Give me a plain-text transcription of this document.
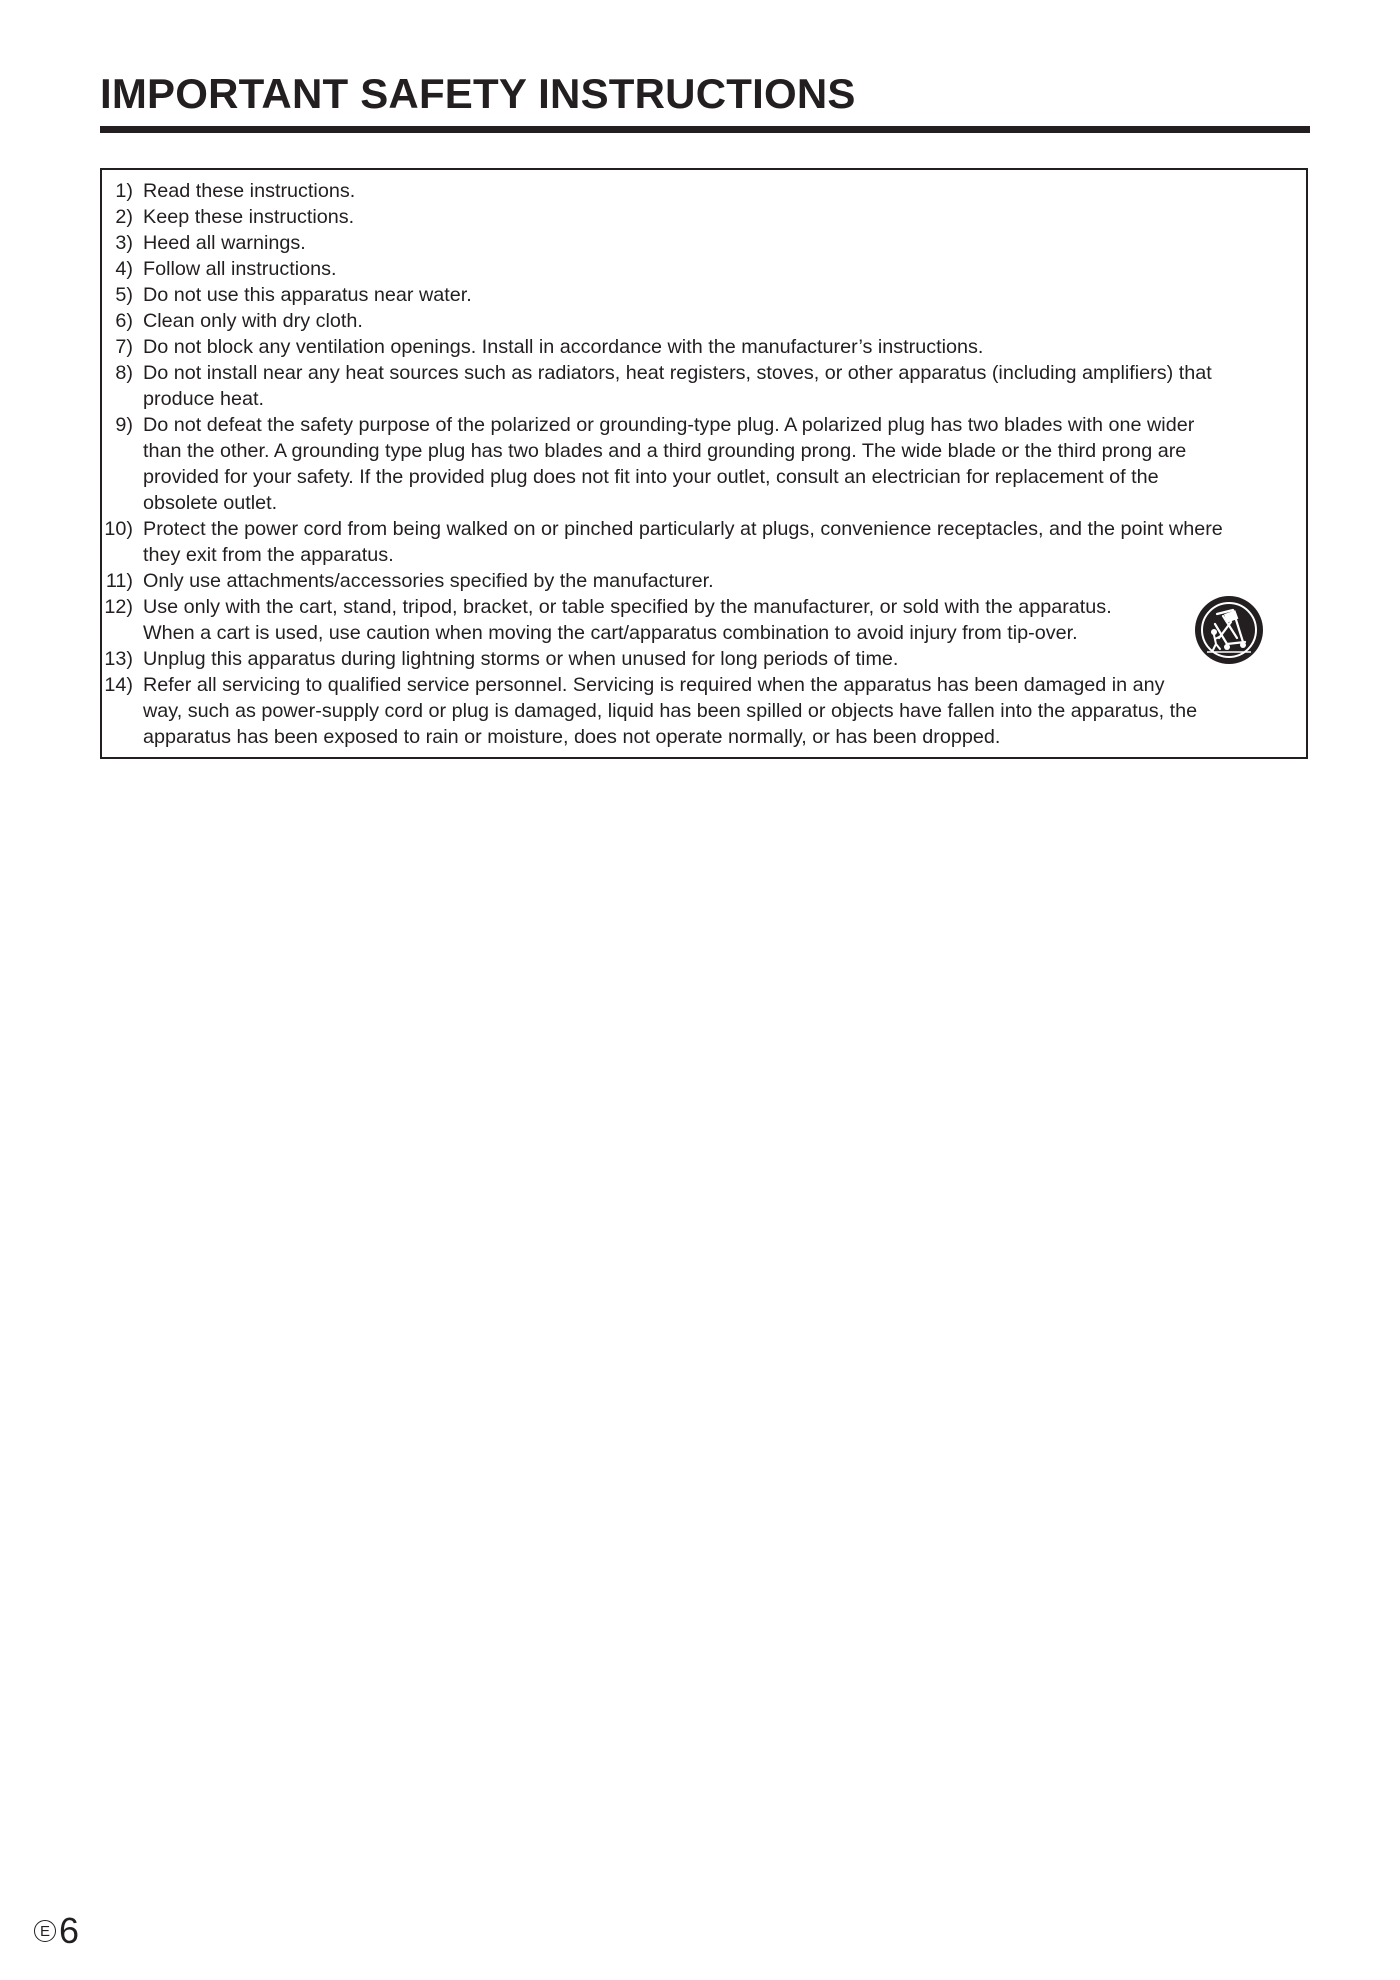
IMPORTANT SAFETY INSTRUCTIONS
1) Read these instructions.
2) Keep these instructions.
3) Heed all warnings.
4) Follow all instructions.
5) Do not use this apparatus near water.
6) Clean only with dry cloth.
7) Do not block any ventilation openings. Install in accordance with the manufacturer’s instructions.
8) Do not install near any heat sources such as radiators, heat registers, stoves, or other apparatus (including amplifiers) that
produce heat.
9) Do not defeat the safety purpose of the polarized or grounding-type plug. A polarized plug has two blades with one wider
than the other. A grounding type plug has two blades and a third grounding prong. The wide blade or the third prong are
provided for your safety. If the provided plug does not fit into your outlet, consult an electrician for replacement of the
obsolete outlet.
10) Protect the power cord from being walked on or pinched particularly at plugs, convenience receptacles, and the point where
they exit from the apparatus.
11) Only use attachments/accessories specified by the manufacturer.
12) Use only with the cart, stand, tripod, bracket, or table specified by the manufacturer, or sold with the apparatus.
When a cart is used, use caution when moving the cart/apparatus combination to avoid injury from tip-over.
13) Unplug this apparatus during lightning storms or when unused for long periods of time.
14) Refer all servicing to qualified service personnel. Servicing is required when the apparatus has been damaged in any
way, such as power-supply cord or plug is damaged, liquid has been spilled or objects have fallen into the apparatus, the
apparatus has been exposed to rain or moisture, does not operate normally, or has been dropped.
E 6
